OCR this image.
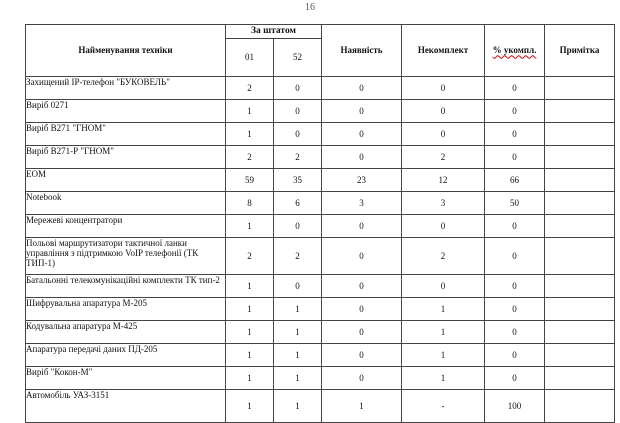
16
Найменування техніки	За штатом		Наявність	Некомплект	% укомпл.	Примітка
	01	52				
Захищений IP-телефон "БУКОВЕЛЬ"	2	0	0	0	0	
Виріб 0271	1	0	0	0	0	
Виріб В271 "ГНОМ"	1	0	0	0	0	
Виріб В271-Р "ГНОМ"	2	2	0	2	0	
ЕОМ	59	35	23	12	66	
Notebook	8	6	3	3	50	
Мережеві концентратори	1	0	0	0	0	
Польові маршрутизатори тактичної ланки управління з підтримкою VoIP телефонії (ТК ТИП-1)	2	2	0	2	0	
Батальонні телекомунікаційні комплекти ТК тип-2	1	0	0	0	0	
Шифрувальна апаратура М-205	1	1	0	1	0	
Кодувальна апаратура М-425	1	1	0	1	0	
Апаратура передачі даних ПД-205	1	1	0	1	0	
Виріб "Кокон-М"	1	1	0	1	0	
Автомобіль УАЗ-3151	1	1	1	-	100	
